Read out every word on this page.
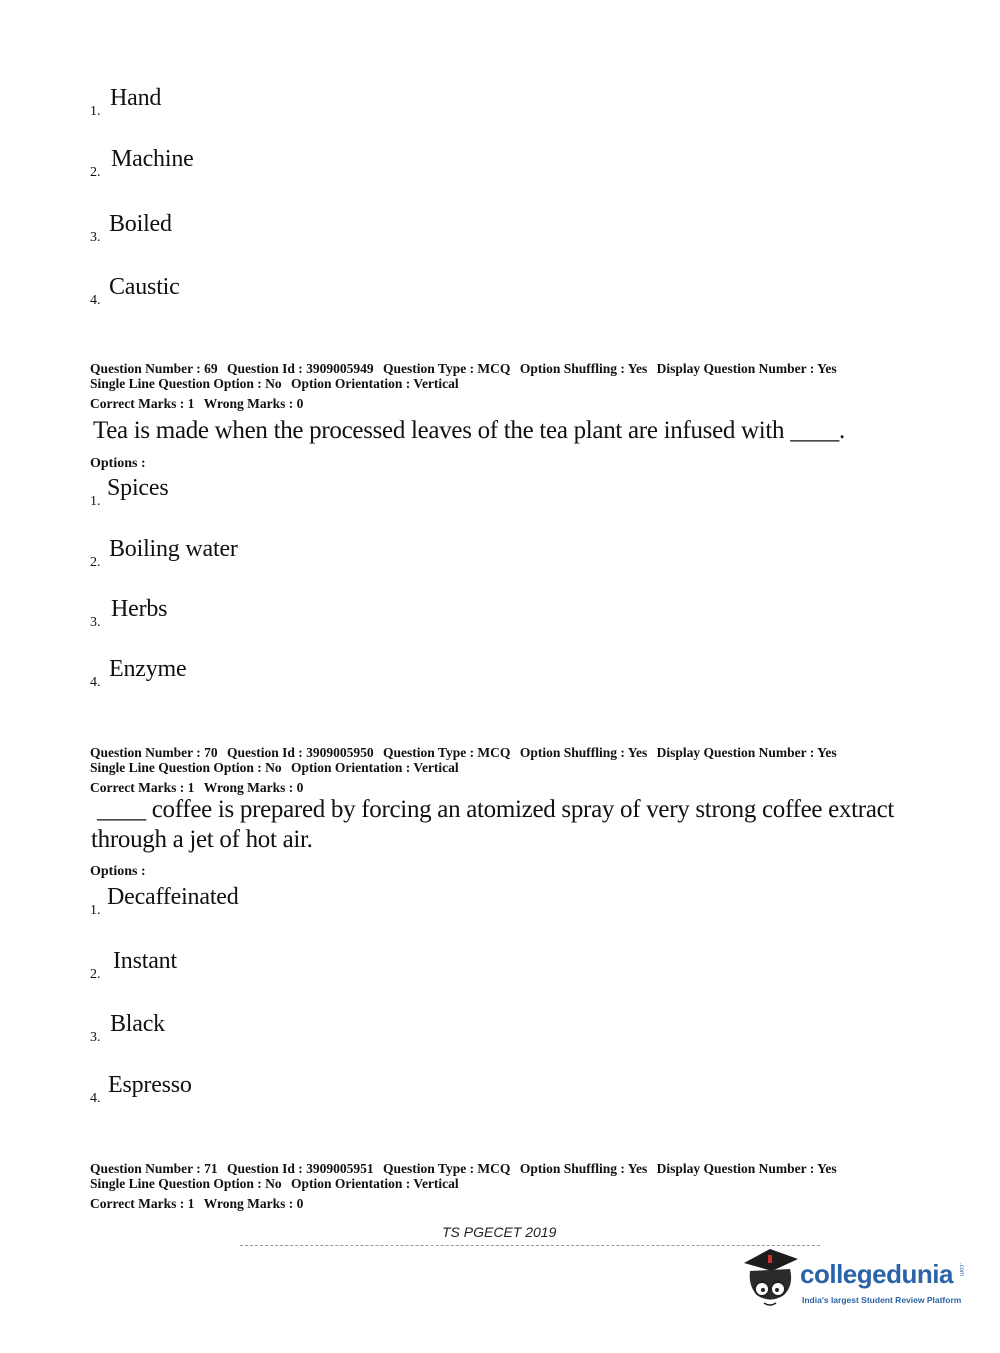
1.
Hand
2.
Machine
3.
Boiled
4.
Caustic
Question Number : 69 Question Id : 3909005949 Question Type : MCQ Option Shuffling : Yes Display Question Number : Yes
Single Line Question Option : No Option Orientation : Vertical
Correct Marks : 1 Wrong Marks : 0
Tea is made when the processed leaves of the tea plant are infused with ____.
Options :
1.
Spices
2.
Boiling water
3.
Herbs
4.
Enzyme
Question Number : 70 Question Id : 3909005950 Question Type : MCQ Option Shuffling : Yes Display Question Number : Yes
Single Line Question Option : No Option Orientation : Vertical
Correct Marks : 1 Wrong Marks : 0
____ coffee is prepared by forcing an atomized spray of very strong coffee extract
through a jet of hot air.
Options :
1.
Decaffeinated
2.
Instant
3.
Black
4.
Espresso
Question Number : 71 Question Id : 3909005951 Question Type : MCQ Option Shuffling : Yes Display Question Number : Yes
Single Line Question Option : No Option Orientation : Vertical
Correct Marks : 1 Wrong Marks : 0
TS PGECET 2019
collegedunia .com
India's largest Student Review Platform
